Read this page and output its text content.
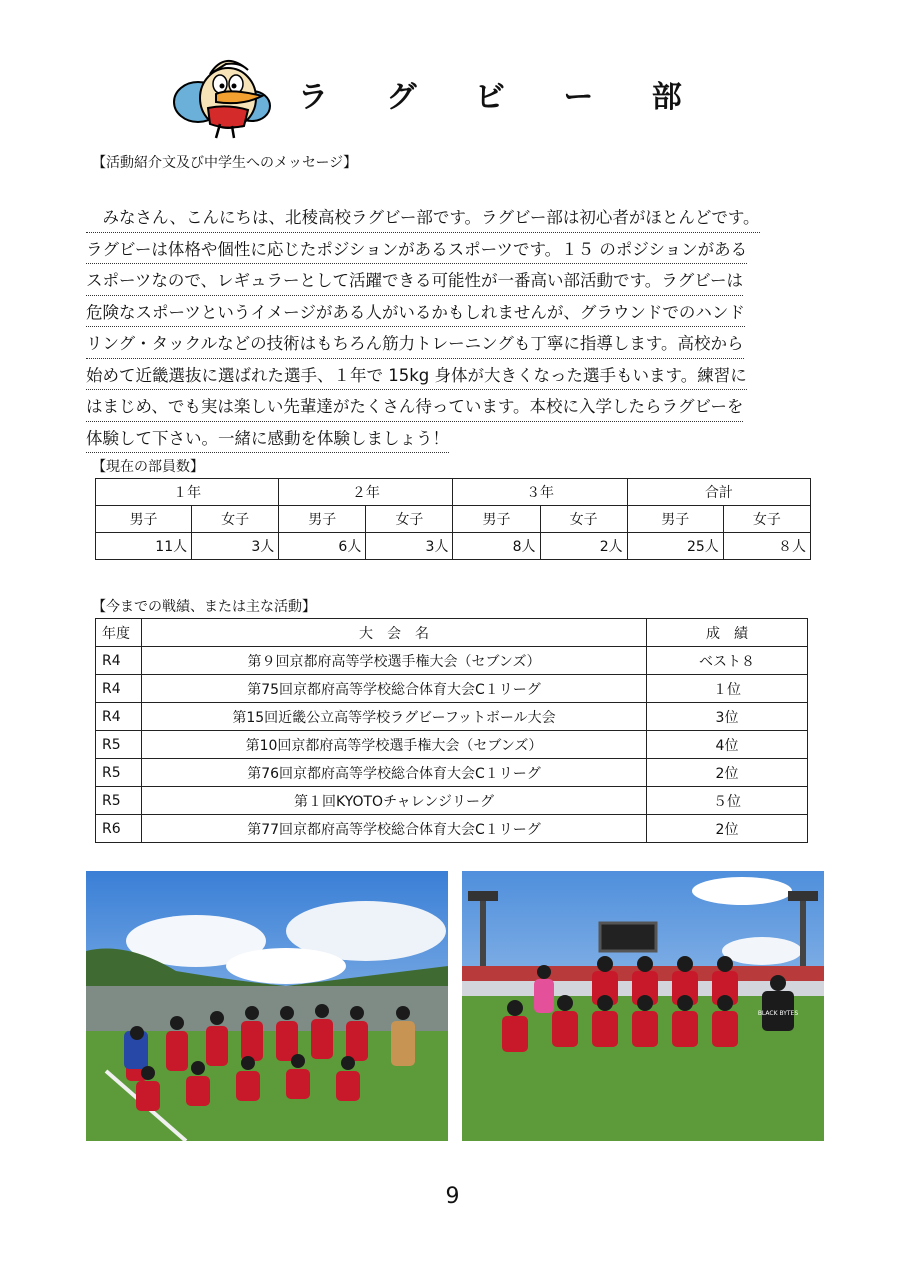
ラ グ ビ ー 部
【活動紹介文及び中学生へのメッセージ】
　みなさん、こんにちは、北稜高校ラグビー部です。ラグビー部は初心者がほとんどです。
ラグビーは体格や個性に応じたポジションがあるスポーツです。１５ のポジションがある
スポーツなので、レギュラーとして活躍できる可能性が一番高い部活動です。ラグビーは
危険なスポーツというイメージがある人がいるかもしれませんが、グラウンドでのハンド
リング・タックルなどの技術はもちろん筋力トレーニングも丁寧に指導します。高校から
始めて近畿選抜に選ばれた選手、１年で 15kg 身体が大きくなった選手もいます。練習に
はまじめ、でも実は楽しい先輩達がたくさん待っています。本校に入学したらラグビーを
体験して下さい。一緒に感動を体験しましょう！
【現在の部員数】
１年		２年		３年		合計	
男子	女子	男子	女子	男子	女子	男子	女子
11人	3人	6人	3人	8人	2人	25人	８人
【今までの戦績、または主な活動】
年度	大　会　名	成　績
R4	第９回京都府高等学校選手権大会（セブンズ）	ベスト８
R4	第75回京都府高等学校総合体育大会C１リーグ	１位
R4	第15回近畿公立高等学校ラグビーフットボール大会	3位
R5	第10回京都府高等学校選手権大会（セブンズ）	4位
R5	第76回京都府高等学校総合体育大会C１リーグ	2位
R5	第１回KYOTOチャレンジリーグ	５位
R6	第77回京都府高等学校総合体育大会C１リーグ	2位
BLACK BYTES
9
